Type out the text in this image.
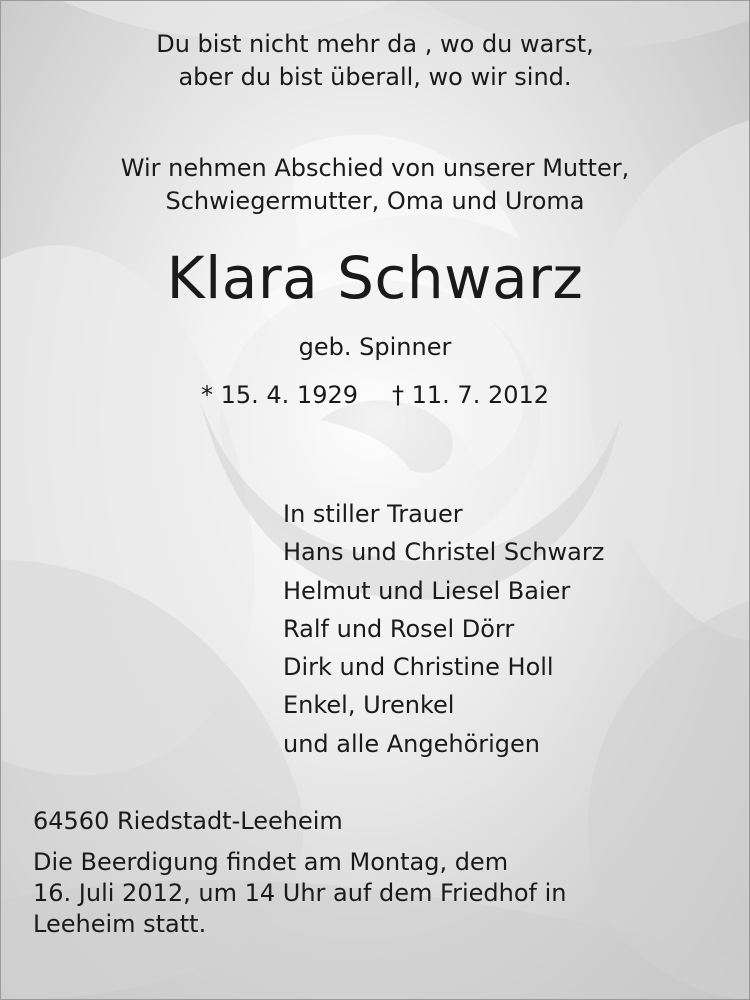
Du bist nicht mehr da , wo du warst,
aber du bist überall, wo wir sind.
Wir nehmen Abschied von unserer Mutter,
Schwiegermutter, Oma und Uroma
Klara Schwarz
geb. Spinner
* 15. 4. 1929 † 11. 7. 2012
In stiller Trauer
Hans und Christel Schwarz
Helmut und Liesel Baier
Ralf und Rosel Dörr
Dirk und Christine Holl
Enkel, Urenkel
und alle Angehörigen
64560 Riedstadt-Leeheim
Die Beerdigung findet am Montag, dem
16. Juli 2012, um 14 Uhr auf dem Friedhof in
Leeheim statt.
